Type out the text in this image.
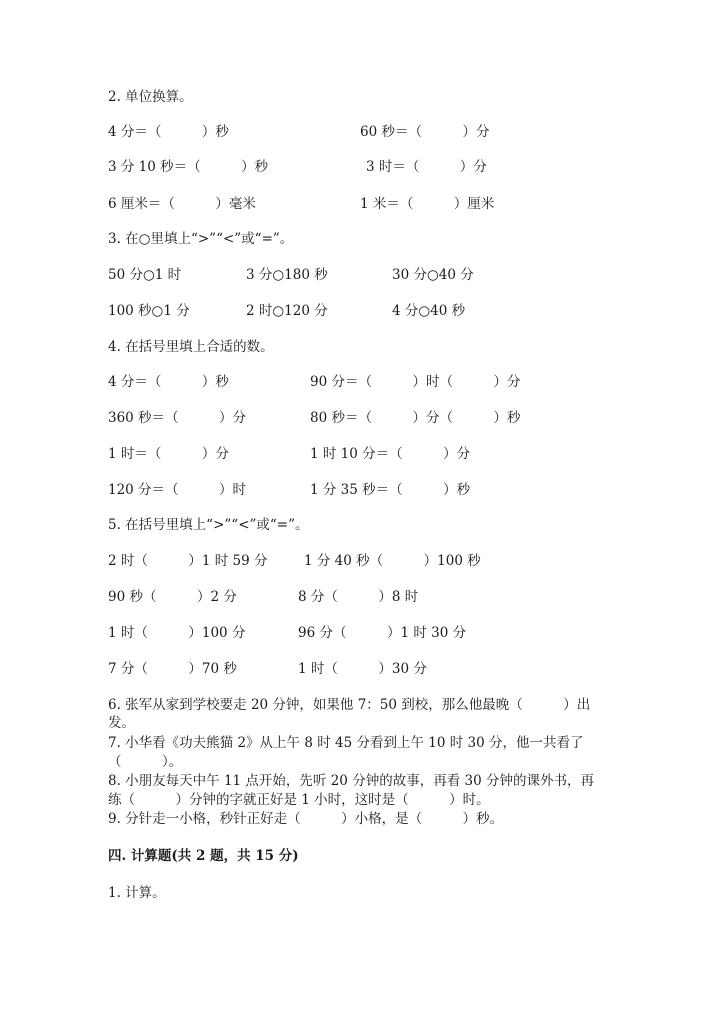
2. 单位换算。
4 分＝（　　　）秒	60 秒＝（　　　）分
3 分 10 秒＝（　　　）秒	3 时＝（　　　）分
6 厘米＝（　　　）毫米	1 米＝（　　　）厘米
3. 在○里填上“>”“<”或“=”。
50 分○1 时	3 分○180 秒	30 分○40 分
100 秒○1 分	2 时○120 分	4 分○40 秒
4. 在括号里填上合适的数。
4 分＝（　　　）秒	90 分＝（　　　）时（　　　）分
360 秒＝（　　　）分	80 秒＝（　　　）分（　　　）秒
1 时＝（　　　）分	1 时 10 分＝（　　　）分
120 分＝（　　　）时	1 分 35 秒＝（　　　）秒
5. 在括号里填上“>”“<”或“=”。
2 时（　　　）1 时 59 分	1 分 40 秒（　　　）100 秒
90 秒（　　　）2 分	8 分（　　　）8 时
1 时（　　　）100 分	96 分（　　　）1 时 30 分
7 分（　　　）70 秒	1 时（　　　）30 分
6. 张军从家到学校要走 20 分钟，如果他 7：50 到校，那么他最晚（　　　）出
发。
7. 小华看《功夫熊猫 2》从上午 8 时 45 分看到上午 10 时 30 分，他一共看了
（　　　）。
8. 小朋友每天中午 11 点开始，先听 20 分钟的故事，再看 30 分钟的课外书，再
练（　　　）分钟的字就正好是 1 小时，这时是（　　　）时。
9. 分针走一小格，秒针正好走（　　　）小格，是（　　　）秒。
四. 计算题(共 2 题，共 15 分)
1. 计算。
